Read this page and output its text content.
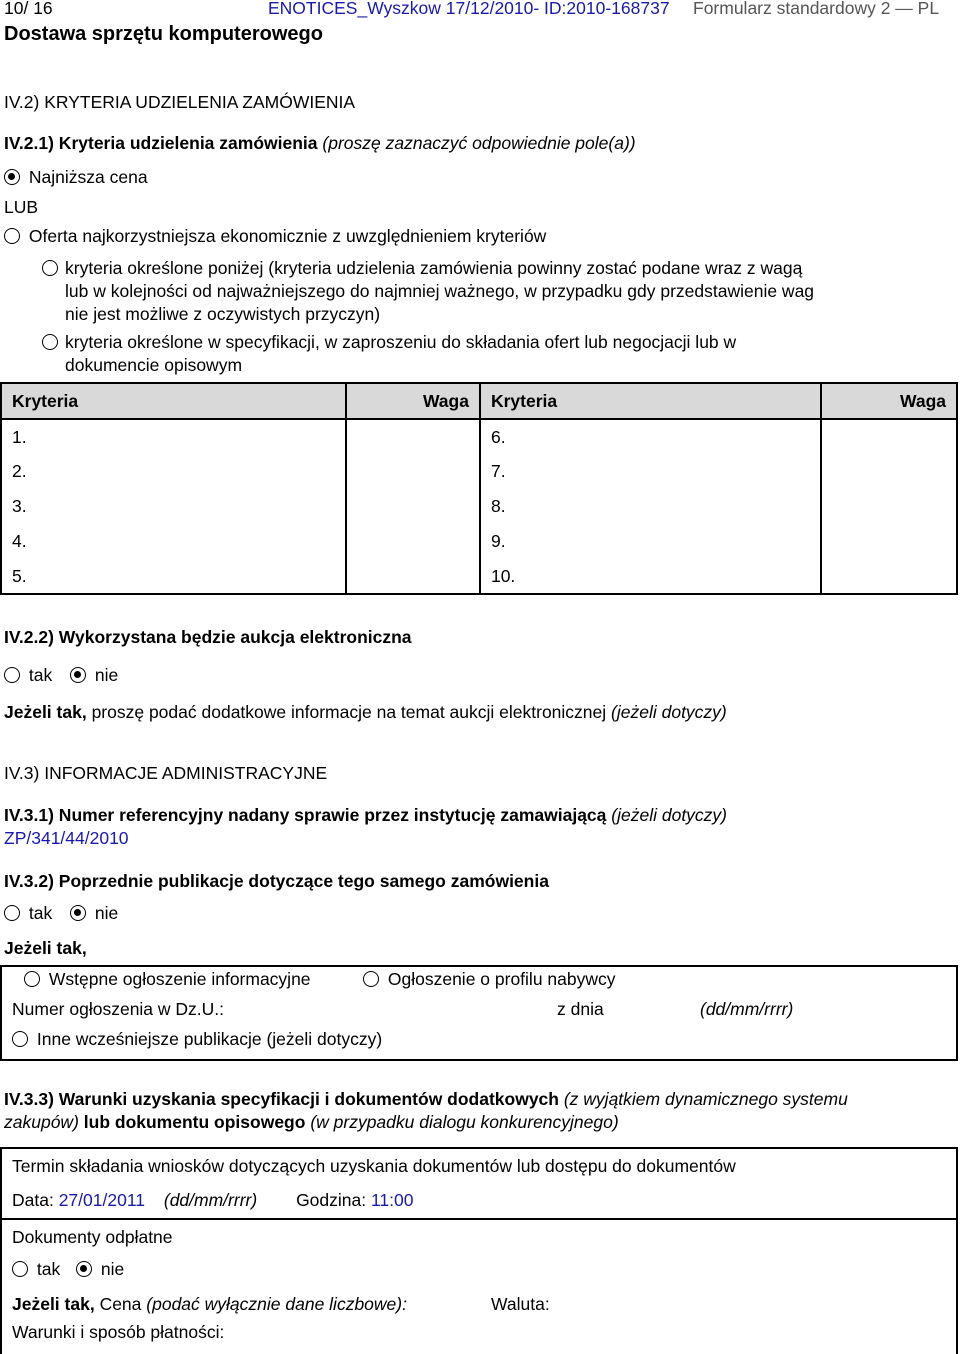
10/ 16	ENOTICES_Wyszkow 17/12/2010- ID:2010-168737 Formularz standardowy 2 — PL
Dostawa sprzętu komputerowego
IV.2) KRYTERIA UDZIELENIA ZAMÓWIENIA
IV.2.1) Kryteria udzielenia zamówienia (proszę zaznaczyć odpowiednie pole(a))
Najniższa cena
LUB
Oferta najkorzystniejsza ekonomicznie z uwzględnieniem kryteriów
kryteria określone poniżej (kryteria udzielenia zamówienia powinny zostać podane wraz z wagą
lub w kolejności od najważniejszego do najmniej ważnego, w przypadku gdy przedstawienie wag
nie jest możliwe z oczywistych przyczyn)
kryteria określone w specyfikacji, w zaproszeniu do składania ofert lub negocjacji lub w
dokumencie opisowym
Kryteria	Waga	Kryteria	Waga
1.		6.	
2.		7.	
3.		8.	
4.		9.	
5.		10.	
IV.2.2) Wykorzystana będzie aukcja elektroniczna
tak	nie
Jeżeli tak, proszę podać dodatkowe informacje na temat aukcji elektronicznej (jeżeli dotyczy)
IV.3) INFORMACJE ADMINISTRACYJNE
IV.3.1) Numer referencyjny nadany sprawie przez instytucję zamawiającą (jeżeli dotyczy)
ZP/341/44/2010
IV.3.2) Poprzednie publikacje dotyczące tego samego zamówienia
tak	nie
Jeżeli tak,
Wstępne ogłoszenie informacyjne	Ogłoszenie o profilu nabywcy
Numer ogłoszenia w Dz.U.:	z dnia	(dd/mm/rrrr)
Inne wcześniejsze publikacje (jeżeli dotyczy)
IV.3.3) Warunki uzyskania specyfikacji i dokumentów dodatkowych (z wyjątkiem dynamicznego systemu
zakupów) lub dokumentu opisowego (w przypadku dialogu konkurencyjnego)
Termin składania wniosków dotyczących uzyskania dokumentów lub dostępu do dokumentów
Data: 27/01/2011 (dd/mm/rrrr) Godzina: 11:00
Dokumenty odpłatne
tak	nie
Jeżeli tak, Cena (podać wyłącznie dane liczbowe):	Waluta:
Warunki i sposób płatności:
